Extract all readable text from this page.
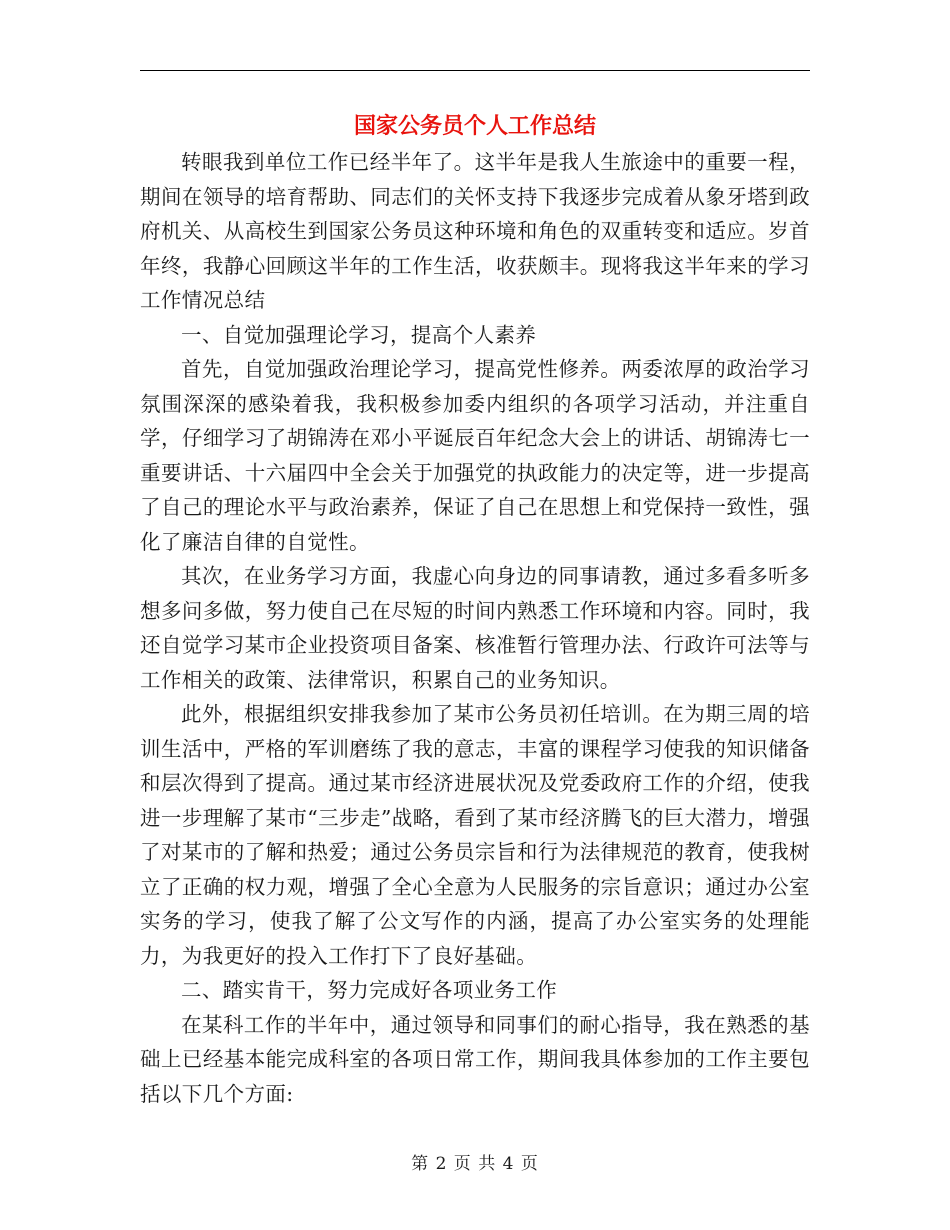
国家公务员个人工作总结

转眼我到单位工作已经半年了。这半年是我人生旅途中的重要一程，期间在领导的培育帮助、同志们的关怀支持下我逐步完成着从象牙塔到政府机关、从高校生到国家公务员这种环境和角色的双重转变和适应。岁首年终，我静心回顾这半年的工作生活，收获颇丰。现将我这半年来的学习工作情况总结

一、自觉加强理论学习，提高个人素养

首先，自觉加强政治理论学习，提高党性修养。两委浓厚的政治学习氛围深深的感染着我，我积极参加委内组织的各项学习活动，并注重自学，仔细学习了胡锦涛在邓小平诞辰百年纪念大会上的讲话、胡锦涛七一重要讲话、十六届四中全会关于加强党的执政能力的决定等，进一步提高了自己的理论水平与政治素养，保证了自己在思想上和党保持一致性，强化了廉洁自律的自觉性。

其次，在业务学习方面，我虚心向身边的同事请教，通过多看多听多想多问多做，努力使自己在尽短的时间内熟悉工作环境和内容。同时，我还自觉学习某市企业投资项目备案、核准暂行管理办法、行政许可法等与工作相关的政策、法律常识，积累自己的业务知识。

此外，根据组织安排我参加了某市公务员初任培训。在为期三周的培训生活中，严格的军训磨练了我的意志，丰富的课程学习使我的知识储备和层次得到了提高。通过某市经济进展状况及党委政府工作的介绍，使我进一步理解了某市“三步走”战略，看到了某市经济腾飞的巨大潜力，增强了对某市的了解和热爱；通过公务员宗旨和行为法律规范的教育，使我树立了正确的权力观，增强了全心全意为人民服务的宗旨意识；通过办公室实务的学习，使我了解了公文写作的内涵，提高了办公室实务的处理能力，为我更好的投入工作打下了良好基础。

二、踏实肯干，努力完成好各项业务工作

在某科工作的半年中，通过领导和同事们的耐心指导，我在熟悉的基础上已经基本能完成科室的各项日常工作，期间我具体参加的工作主要包括以下几个方面:

第 2 页 共 4 页
